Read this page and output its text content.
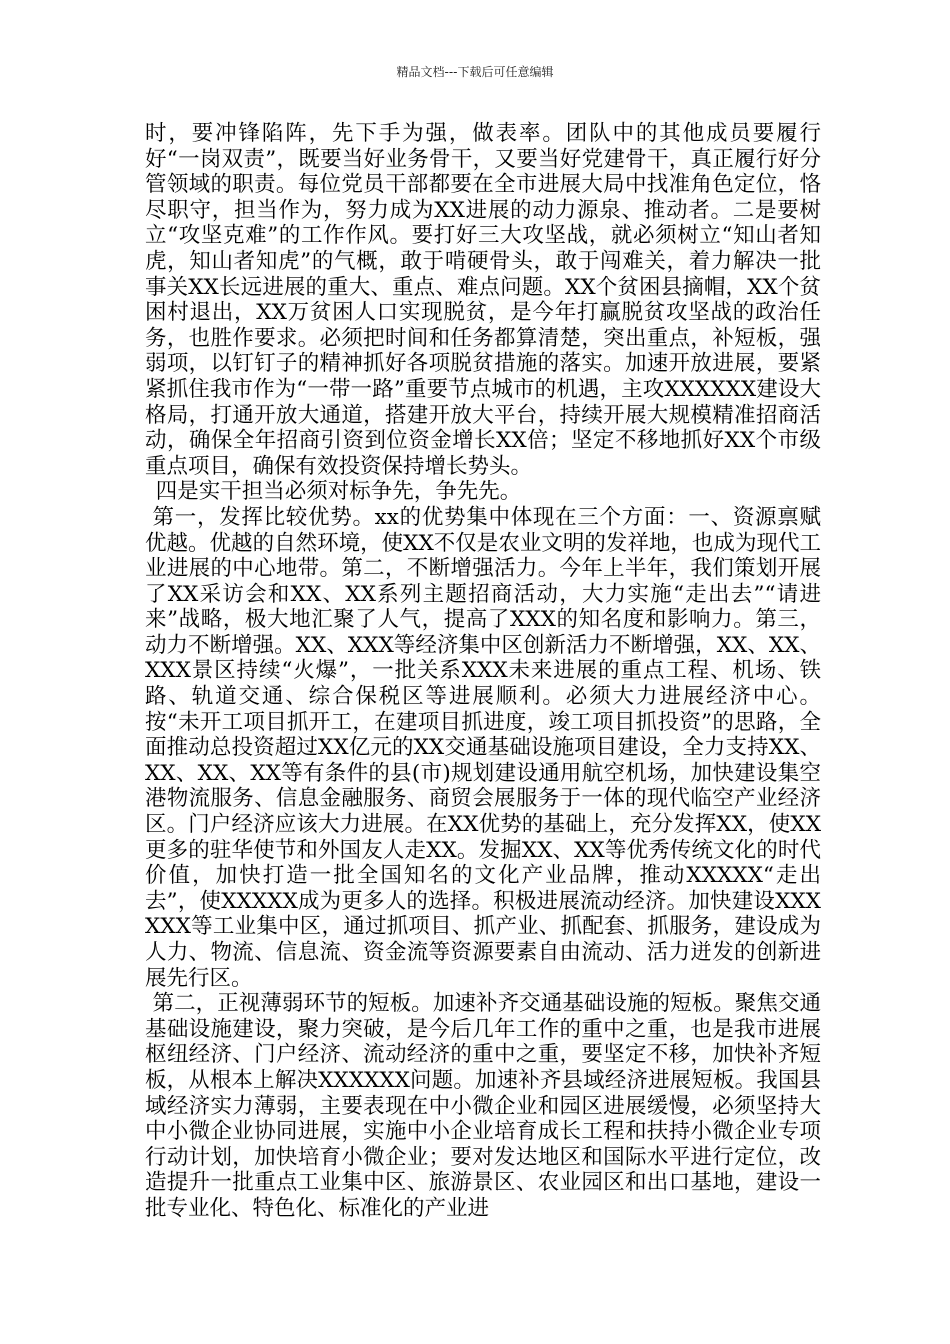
精品文档---下载后可任意编辑

时，要冲锋陷阵，先下手为强，做表率。团队中的其他成员要履行好“一岗双责”，既要当好业务骨干，又要当好党建骨干，真正履行好分管领域的职责。每位党员干部都要在全市进展大局中找准角色定位，恪尽职守，担当作为，努力成为XX进展的动力源泉、推动者。二是要树立“攻坚克难”的工作作风。要打好三大攻坚战，就必须树立“知山者知虎，知山者知虎”的气概，敢于啃硬骨头，敢于闯难关，着力解决一批事关XX长远进展的重大、重点、难点问题。XX个贫困县摘帽，XX个贫困村退出，XX万贫困人口实现脱贫，是今年打赢脱贫攻坚战的政治任务，也胜作要求。必须把时间和任务都算清楚，突出重点，补短板，强弱项，以钉钉子的精神抓好各项脱贫措施的落实。加速开放进展，要紧紧抓住我市作为“一带一路”重要节点城市的机遇，主攻XXXXXX建设大格局，打通开放大通道，搭建开放大平台，持续开展大规模精准招商活动，确保全年招商引资到位资金增长XX倍；坚定不移地抓好XX个市级重点项目，确保有效投资保持增长势头。

四是实干担当必须对标争先，争先先。

第一，发挥比较优势。xx的优势集中体现在三个方面：一、资源禀赋优越。优越的自然环境，使XX不仅是农业文明的发祥地，也成为现代工业进展的中心地带。第二，不断增强活力。今年上半年，我们策划开展了XX采访会和XX、XX系列主题招商活动，大力实施“走出去”“请进来”战略，极大地汇聚了人气，提高了XXX的知名度和影响力。第三，动力不断增强。XX、XXX等经济集中区创新活力不断增强，XX、XX、XXX景区持续“火爆”，一批关系XXX未来进展的重点工程、机场、铁路、轨道交通、综合保税区等进展顺利。必须大力进展经济中心。按“未开工项目抓开工，在建项目抓进度，竣工项目抓投资”的思路，全面推动总投资超过XX亿元的XX交通基础设施项目建设，全力支持XX、XX、XX、XX等有条件的县(市)规划建设通用航空机场，加快建设集空港物流服务、信息金融服务、商贸会展服务于一体的现代临空产业经济区。门户经济应该大力进展。在XX优势的基础上，充分发挥XX，使XX更多的驻华使节和外国友人走XX。发掘XX、XX等优秀传统文化的时代价值，加快打造一批全国知名的文化产业品牌，推动XXXXX“走出去”，使XXXXX成为更多人的选择。积极进展流动经济。加快建设XXXXXX等工业集中区，通过抓项目、抓产业、抓配套、抓服务，建设成为人力、物流、信息流、资金流等资源要素自由流动、活力迸发的创新进展先行区。

第二，正视薄弱环节的短板。加速补齐交通基础设施的短板。聚焦交通基础设施建设，聚力突破，是今后几年工作的重中之重，也是我市进展枢纽经济、门户经济、流动经济的重中之重，要坚定不移，加快补齐短板，从根本上解决XXXXXX问题。加速补齐县域经济进展短板。我国县域经济实力薄弱，主要表现在中小微企业和园区进展缓慢，必须坚持大中小微企业协同进展，实施中小企业培育成长工程和扶持小微企业专项行动计划，加快培育小微企业；要对发达地区和国际水平进行定位，改造提升一批重点工业集中区、旅游景区、农业园区和出口基地，建设一批专业化、特色化、标准化的产业进
